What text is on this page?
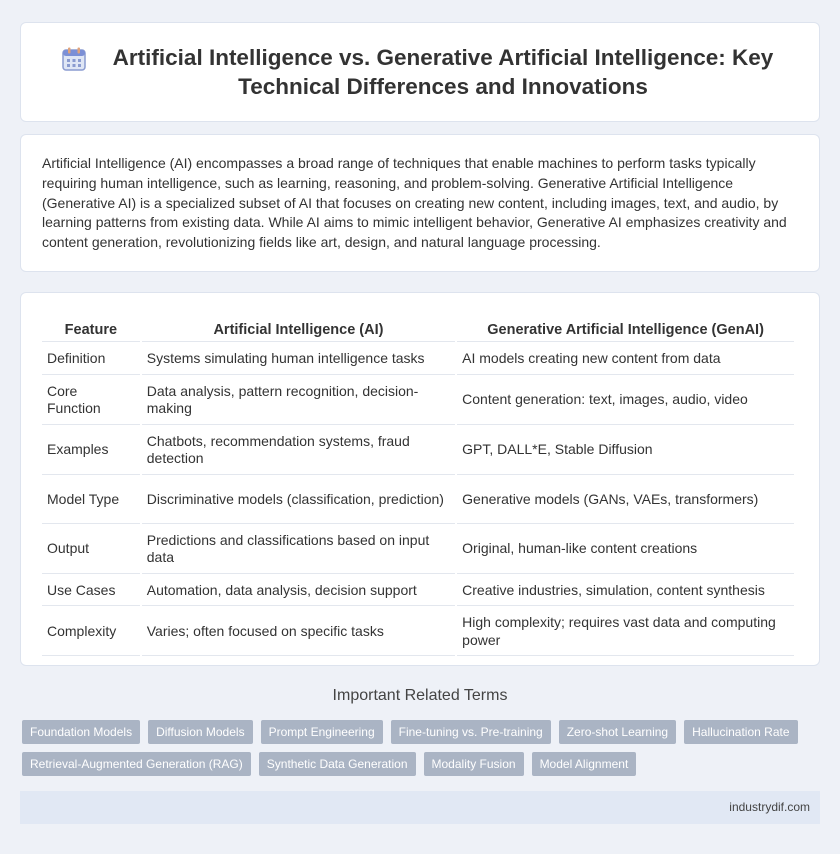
Artificial Intelligence vs. Generative Artificial Intelligence: Key Technical Differences and Innovations

Artificial Intelligence (AI) encompasses a broad range of techniques that enable machines to perform tasks typically requiring human intelligence, such as learning, reasoning, and problem-solving. Generative Artificial Intelligence (Generative AI) is a specialized subset of AI that focuses on creating new content, including images, text, and audio, by learning patterns from existing data. While AI aims to mimic intelligent behavior, Generative AI emphasizes creativity and content generation, revolutionizing fields like art, design, and natural language processing.

Feature	Artificial Intelligence (AI)	Generative Artificial Intelligence (GenAI)
Definition	Systems simulating human intelligence tasks	AI models creating new content from data
Core Function	Data analysis, pattern recognition, decision-making	Content generation: text, images, audio, video
Examples	Chatbots, recommendation systems, fraud detection	GPT, DALL*E, Stable Diffusion
Model Type	Discriminative models (classification, prediction)	Generative models (GANs, VAEs, transformers)
Output	Predictions and classifications based on input data	Original, human-like content creations
Use Cases	Automation, data analysis, decision support	Creative industries, simulation, content synthesis
Complexity	Varies; often focused on specific tasks	High complexity; requires vast data and computing power
Important Related Terms
Foundation Models	Diffusion Models	Prompt Engineering	Fine-tuning vs. Pre-training	Zero-shot Learning	Hallucination Rate
Retrieval-Augmented Generation (RAG)	Synthetic Data Generation	Modality Fusion	Model Alignment
industrydif.com
